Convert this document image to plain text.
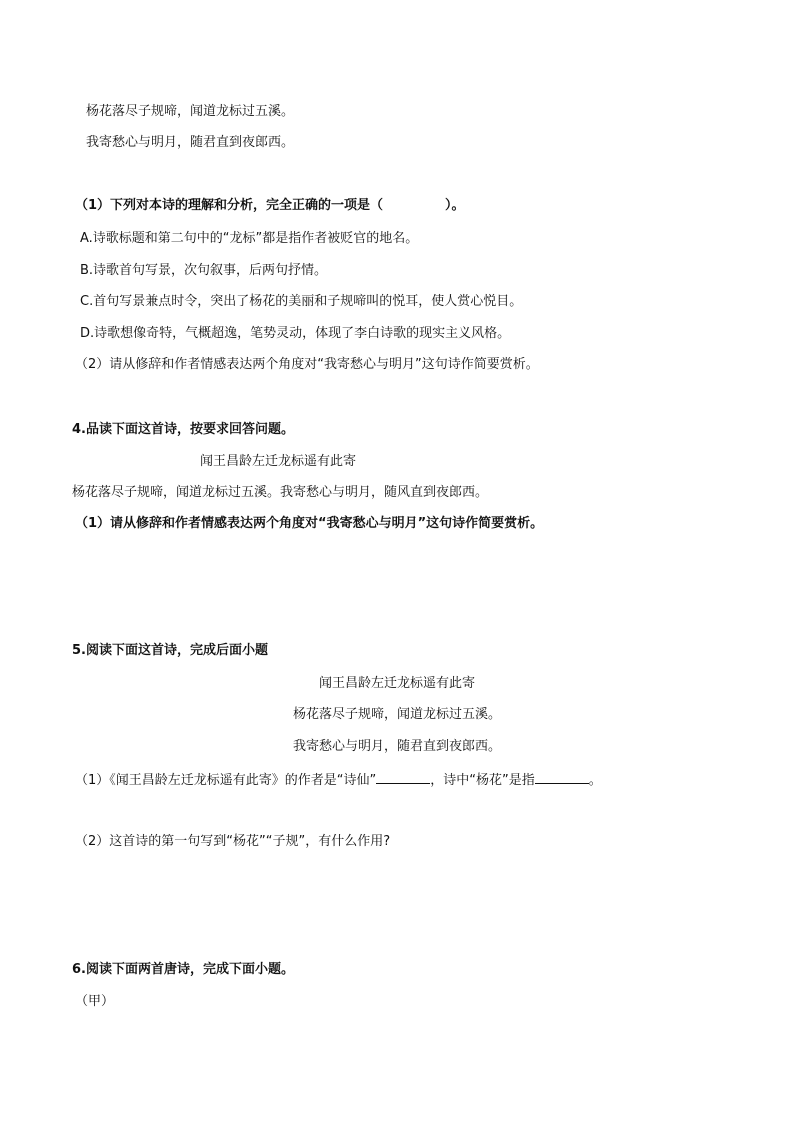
杨花落尽子规啼，闻道龙标过五溪。
我寄愁心与明月，随君直到夜郎西。
（1）下列对本诗的理解和分析，完全正确的一项是（	）。
A.诗歌标题和第二句中的“龙标”都是指作者被贬官的地名。
B.诗歌首句写景，次句叙事，后两句抒情。
C.首句写景兼点时令，突出了杨花的美丽和子规啼叫的悦耳，使人赏心悦目。
D.诗歌想像奇特，气概超逸，笔势灵动，体现了李白诗歌的现实主义风格。
（2）请从修辞和作者情感表达两个角度对“我寄愁心与明月”这句诗作简要赏析。
4.品读下面这首诗，按要求回答问题。
闻王昌龄左迁龙标遥有此寄
杨花落尽子规啼，闻道龙标过五溪。我寄愁心与明月，随风直到夜郎西。
（1）请从修辞和作者情感表达两个角度对“我寄愁心与明月”这句诗作简要赏析。
5.阅读下面这首诗，完成后面小题
闻王昌龄左迁龙标遥有此寄
杨花落尽子规啼，闻道龙标过五溪。
我寄愁心与明月，随君直到夜郎西。
（1）《闻王昌龄左迁龙标遥有此寄》的作者是“诗仙”	，诗中“杨花”是指	。
（2）这首诗的第一句写到“杨花”“子规”，有什么作用?
6.阅读下面两首唐诗，完成下面小题。
（甲）
